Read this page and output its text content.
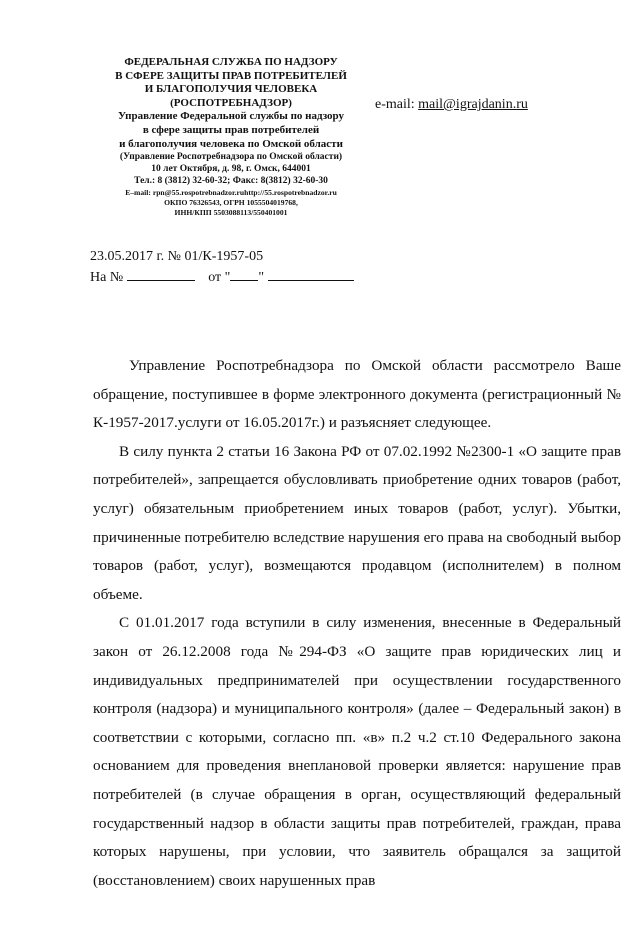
ФЕДЕРАЛЬНАЯ СЛУЖБА ПО НАДЗОРУ
В СФЕРЕ ЗАЩИТЫ ПРАВ ПОТРЕБИТЕЛЕЙ
И БЛАГОПОЛУЧИЯ ЧЕЛОВЕКА
(РОСПОТРЕБНАДЗОР)
Управление Федеральной службы по надзору
в сфере защиты прав потребителей
и благополучия человека по Омской области
(Управление Роспотребнадзора по Омской области)
10 лет Октября, д. 98, г. Омск, 644001
Тел.: 8 (3812) 32-60-32; Факс: 8(3812) 32-60-30
E–mail: rpn@55.rospotrebnadzor.ruhttp://55.rospotrebnadzor.ru
ОКПО 76326543, ОГРН 1055504019768,
ИНН/КПП 5503088113/550401001
e-mail: mail@igrajdanin.ru
23.05.2017 г. № 01/К-1957-05
На №	от " "

Управление Роспотребнадзора по Омской области рассмотрело Ваше обращение, поступившее в форме электронного документа (регистрационный № К-1957-2017.услуги от 16.05.2017г.) и разъясняет следующее.

В силу пункта 2 статьи 16 Закона РФ от 07.02.1992 №2300-1 «О защите прав потребителей», запрещается обусловливать приобретение одних товаров (работ, услуг) обязательным приобретением иных товаров (работ, услуг). Убытки, причиненные потребителю вследствие нарушения его права на свободный выбор товаров (работ, услуг), возмещаются продавцом (исполнителем) в полном объеме.

С 01.01.2017 года вступили в силу изменения, внесенные в Федеральный закон от 26.12.2008 года №294-ФЗ «О защите прав юридических лиц и индивидуальных предпринимателей при осуществлении государственного контроля (надзора) и муниципального контроля» (далее – Федеральный закон) в соответствии с которыми, согласно пп. «в» п.2 ч.2 ст.10 Федерального закона основанием для проведения внеплановой проверки является: нарушение прав потребителей (в случае обращения в орган, осуществляющий федеральный государственный надзор в области защиты прав потребителей, граждан, права которых нарушены, при условии, что заявитель обращался за защитой (восстановлением) своих нарушенных прав
